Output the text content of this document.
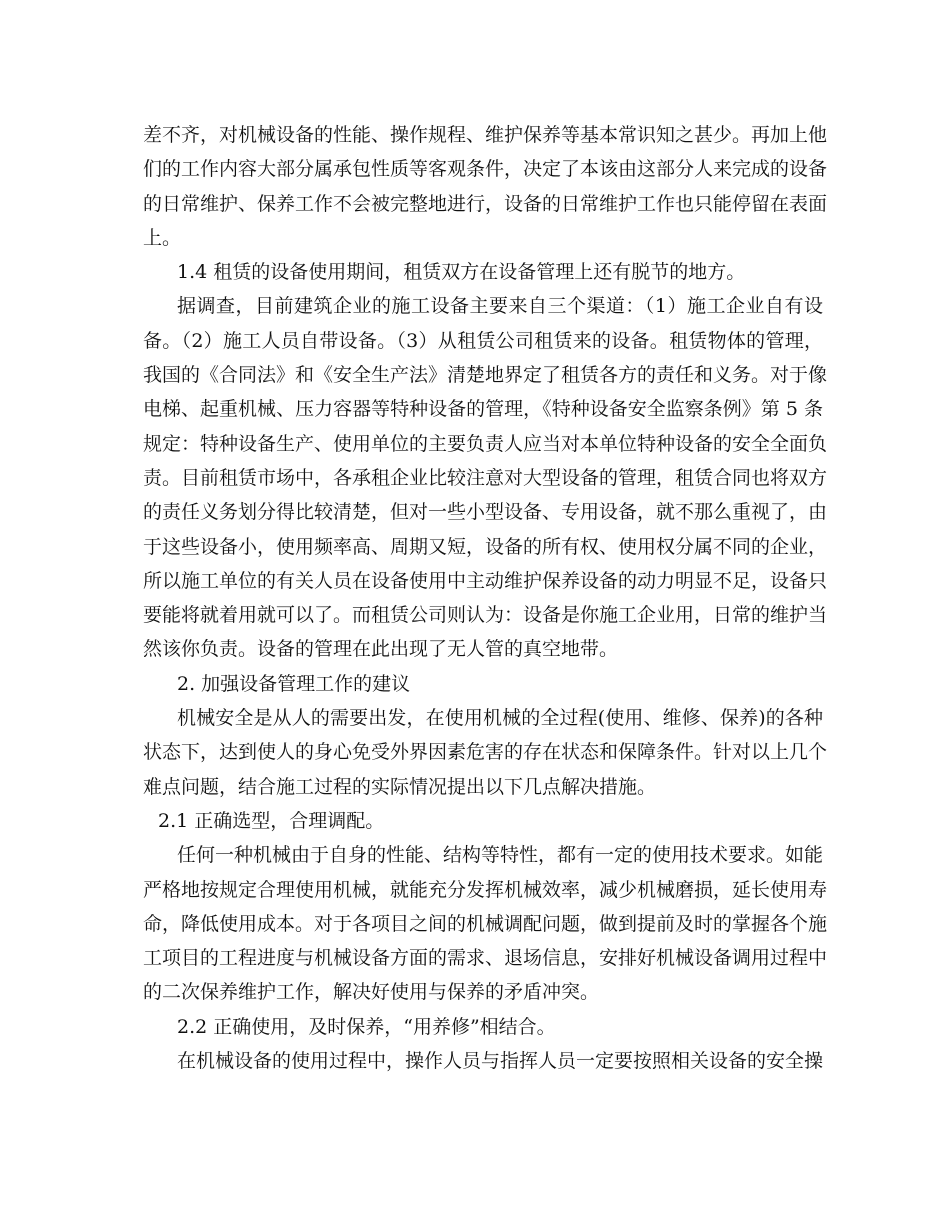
差不齐，对机械设备的性能、操作规程、维护保养等基本常识知之甚少。再加上他
们的工作内容大部分属承包性质等客观条件，决定了本该由这部分人来完成的设备
的日常维护、保养工作不会被完整地进行，设备的日常维护工作也只能停留在表面
上。
1.4 租赁的设备使用期间，租赁双方在设备管理上还有脱节的地方。
据调查，目前建筑企业的施工设备主要来自三个渠道：（1）施工企业自有设
备。（2）施工人员自带设备。（3）从租赁公司租赁来的设备。租赁物体的管理，
我国的《合同法》和《安全生产法》清楚地界定了租赁各方的责任和义务。对于像
电梯、起重机械、压力容器等特种设备的管理，《特种设备安全监察条例》第 5 条
规定：特种设备生产、使用单位的主要负责人应当对本单位特种设备的安全全面负
责。目前租赁市场中，各承租企业比较注意对大型设备的管理，租赁合同也将双方
的责任义务划分得比较清楚，但对一些小型设备、专用设备，就不那么重视了，由
于这些设备小，使用频率高、周期又短，设备的所有权、使用权分属不同的企业，
所以施工单位的有关人员在设备使用中主动维护保养设备的动力明显不足，设备只
要能将就着用就可以了。而租赁公司则认为：设备是你施工企业用，日常的维护当
然该你负责。设备的管理在此出现了无人管的真空地带。
2. 加强设备管理工作的建议
机械安全是从人的需要出发，在使用机械的全过程(使用、维修、保养)的各种
状态下，达到使人的身心免受外界因素危害的存在状态和保障条件。针对以上几个
难点问题，结合施工过程的实际情况提出以下几点解决措施。
2.1 正确选型，合理调配。
任何一种机械由于自身的性能、结构等特性，都有一定的使用技术要求。如能
严格地按规定合理使用机械，就能充分发挥机械效率，减少机械磨损，延长使用寿
命，降低使用成本。对于各项目之间的机械调配问题，做到提前及时的掌握各个施
工项目的工程进度与机械设备方面的需求、退场信息，安排好机械设备调用过程中
的二次保养维护工作，解决好使用与保养的矛盾冲突。
2.2 正确使用，及时保养，“用养修”相结合。
在机械设备的使用过程中，操作人员与指挥人员一定要按照相关设备的安全操
